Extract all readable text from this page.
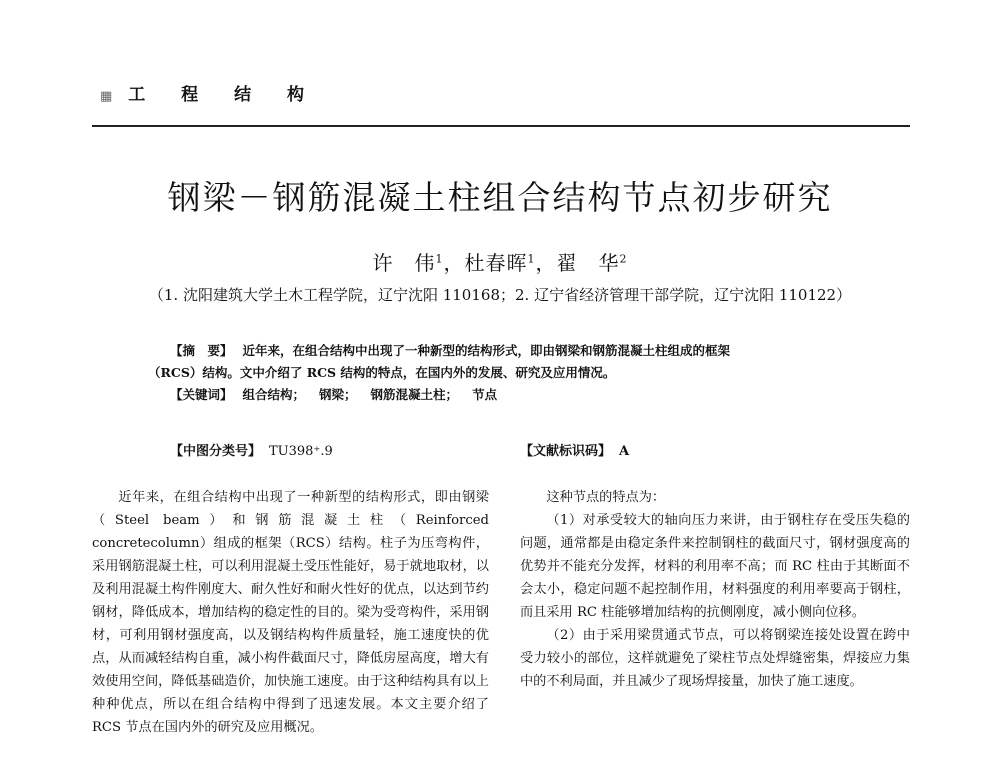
▦ 工 程 结 构
钢梁－钢筋混凝土柱组合结构节点初步研究
许　伟$^1$，杜春晖$^1$，翟　华$^2$
（1. 沈阳建筑大学土木工程学院，辽宁沈阳 110168；2. 辽宁省经济管理干部学院，辽宁沈阳 110122）
【摘　要】 近年来，在组合结构中出现了一种新型的结构形式，即由钢梁和钢筋混凝土柱组成的框架
（RCS）结构。文中介绍了 RCS 结构的特点，在国内外的发展、研究及应用情况。
【关键词】 组合结构； 钢梁； 钢筋混凝土柱； 节点
【中图分类号】 TU398⁺.9	【文献标识码】 A

近年来，在组合结构中出现了一种新型的结构形式，即由钢梁（Steel beam）和钢筋混凝土柱（Reinforced concretecolumn）组成的框架（RCS）结构。柱子为压弯构件，采用钢筋混凝土柱，可以利用混凝土受压性能好，易于就地取材，以及利用混凝土构件刚度大、耐久性好和耐火性好的优点，以达到节约钢材，降低成本，增加结构的稳定性的目的。梁为受弯构件，采用钢材，可利用钢材强度高，以及钢结构构件质量轻，施工速度快的优点，从而减轻结构自重，减小构件截面尺寸，降低房屋高度，增大有效使用空间，降低基础造价，加快施工速度。由于这种结构具有以上种种优点，所以在组合结构中得到了迅速发展。本文主要介绍了 RCS 节点在国内外的研究及应用概况。

这种节点的特点为：

（1）对承受较大的轴向压力来讲，由于钢柱存在受压失稳的问题，通常都是由稳定条件来控制钢柱的截面尺寸，钢材强度高的优势并不能充分发挥，材料的利用率不高；而 RC 柱由于其断面不会太小，稳定问题不起控制作用，材料强度的利用率要高于钢柱，而且采用 RC 柱能够增加结构的抗侧刚度，减小侧向位移。

（2）由于采用梁贯通式节点，可以将钢梁连接处设置在跨中受力较小的部位，这样就避免了梁柱节点处焊缝密集，焊接应力集中的不利局面，并且减少了现场焊接量，加快了施工速度。
